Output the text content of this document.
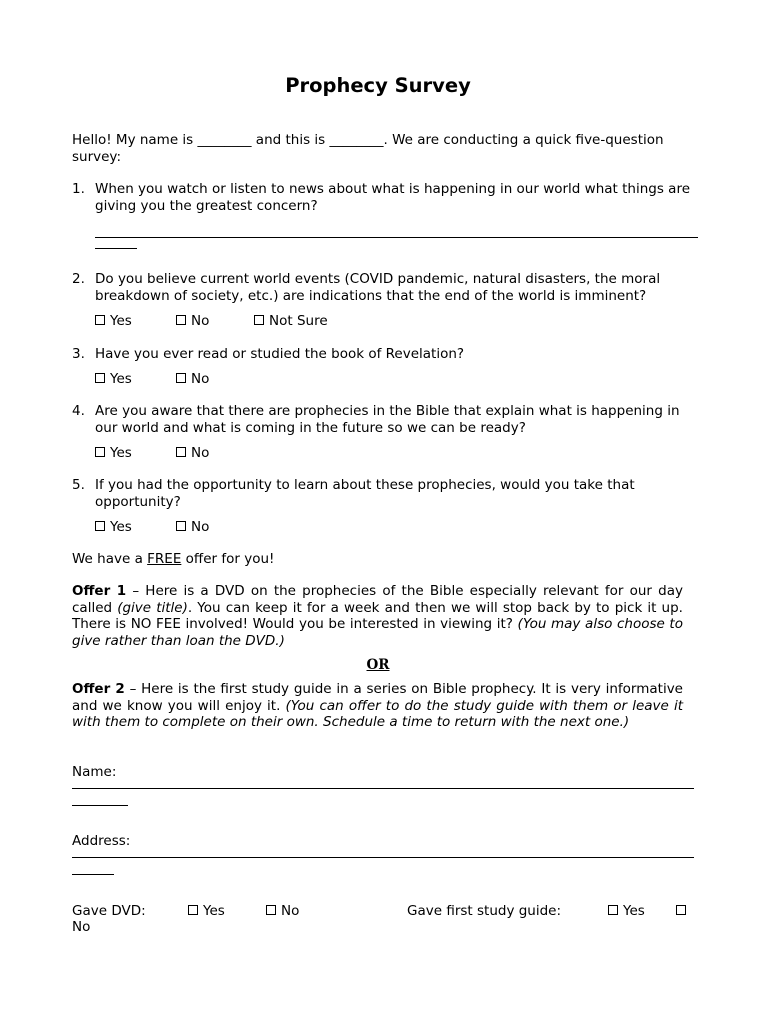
Prophecy Survey
Hello! My name is ________ and this is ________. We are conducting a quick five-question survey:
1. When you watch or listen to news about what is happening in our world what things are giving you the greatest concern?
2. Do you believe current world events (COVID pandemic, natural disasters, the moral breakdown of society, etc.) are indications that the end of the world is imminent?
Yes	No	Not Sure
3. Have you ever read or studied the book of Revelation?
Yes	No
4. Are you aware that there are prophecies in the Bible that explain what is happening in our world and what is coming in the future so we can be ready?
Yes	No
5. If you had the opportunity to learn about these prophecies, would you take that opportunity?
Yes	No
We have a FREE offer for you!
Offer 1 – Here is a DVD on the prophecies of the Bible especially relevant for our day called (give title). You can keep it for a week and then we will stop back by to pick it up. There is NO FEE involved! Would you be interested in viewing it? (You may also choose to give rather than loan the DVD.)
OR
Offer 2 – Here is the first study guide in a series on Bible prophecy. It is very informative and we know you will enjoy it. (You can offer to do the study guide with them or leave it with them to complete on their own. Schedule a time to return with the next one.)
Name:
Address:
Gave DVD:	Yes	No	Gave first study guide:	Yes
No
